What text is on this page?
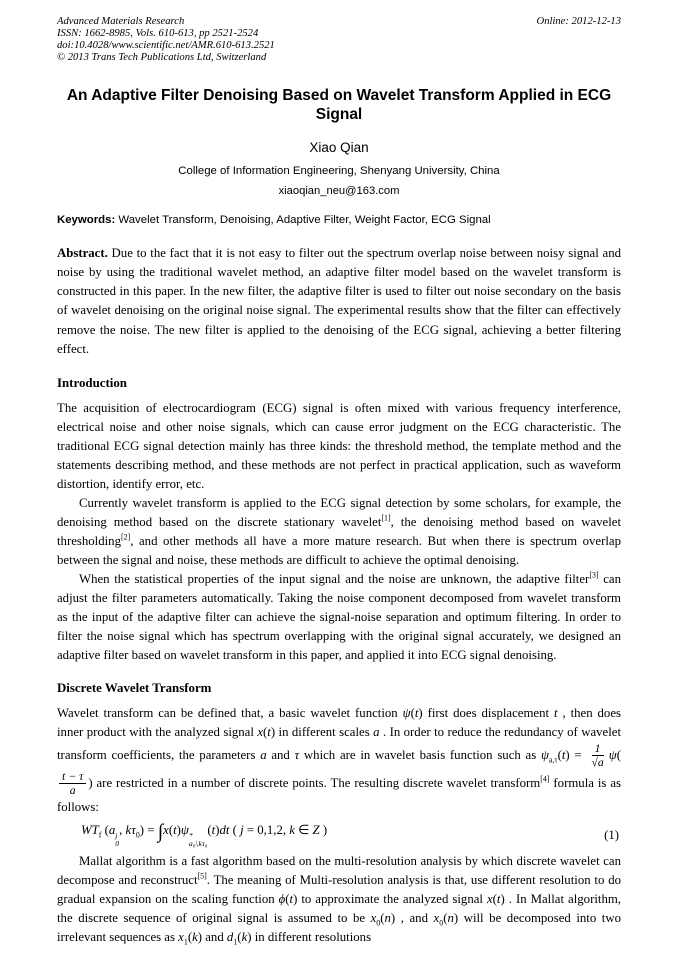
Advanced Materials Research
ISSN: 1662-8985, Vols. 610-613, pp 2521-2524
doi:10.4028/www.scientific.net/AMR.610-613.2521
© 2013 Trans Tech Publications Ltd, Switzerland
Online: 2012-12-13
An Adaptive Filter Denoising Based on Wavelet Transform Applied in ECG Signal
Xiao Qian
College of Information Engineering, Shenyang University, China
xiaoqian_neu@163.com

Keywords: Wavelet Transform, Denoising, Adaptive Filter, Weight Factor, ECG Signal

Abstract. Due to the fact that it is not easy to filter out the spectrum overlap noise between noisy signal and noise by using the traditional wavelet method, an adaptive filter model based on the wavelet transform is constructed in this paper. In the new filter, the adaptive filter is used to filter out noise secondary on the basis of wavelet denoising on the original noise signal. The experimental results show that the filter can effectively remove the noise. The new filter is applied to the denoising of the ECG signal, achieving a better filtering effect.

Introduction

The acquisition of electrocardiogram (ECG) signal is often mixed with various frequency interference, electrical noise and other noise signals, which can cause error judgment on the ECG characteristic. The traditional ECG signal detection mainly has three kinds: the threshold method, the template method and the statements describing method, and these methods are not perfect in practical application, such as waveform distortion, identify error, etc.

Currently wavelet transform is applied to the ECG signal detection by some scholars, for example, the denoising method based on the discrete stationary wavelet[1], the denoising method based on wavelet thresholding[2], and other methods all have a more mature research. But when there is spectrum overlap between the signal and noise, these methods are difficult to achieve the optimal denoising.

When the statistical properties of the input signal and the noise are unknown, the adaptive filter[3] can adjust the filter parameters automatically. Taking the noise component decomposed from wavelet transform as the input of the adaptive filter can achieve the signal-noise separation and optimum filtering. In order to filter the noise signal which has spectrum overlapping with the original signal accurately, we designed an adaptive filter based on wavelet transform in this paper, and applied it into ECG signal denoising.

Discrete Wavelet Transform

Wavelet transform can be defined that, a basic wavelet function ψ(t) first does displacement t , then does inner product with the analyzed signal x(t) in different scales a . In order to reduce the redundancy of wavelet transform coefficients, the parameters a and τ which are in wavelet basis function such as $\psi_{a,\tau}(t) = \frac{1}{√a} \psi$(
$\frac{t - \tau}{a}$ ) are restricted in a number of discrete points. The resulting discrete wavelet transform[4] formula is as follows:

$WT_f$ (a j
0
, $k\tau_0) = \int x(t)\psi$ *
a₀ʲ,kτ₀
(t)dt ( j = 0,1,2, k ∈ Z )	(1)

Mallat algorithm is a fast algorithm based on the multi-resolution analysis by which discrete wavelet can decompose and reconstruct[5]. The meaning of Multi-resolution analysis is that, use different resolution to do gradual expansion on the scaling function ϕ(t) to approximate the analyzed signal x(t) . In Mallat algorithm, the discrete sequence of original signal is assumed to be $x_0(n)$ , and $x_0(n)$ will be decomposed into two irrelevant sequences as $x_1(k)$ and $d_1(k)$ in different resolutions
